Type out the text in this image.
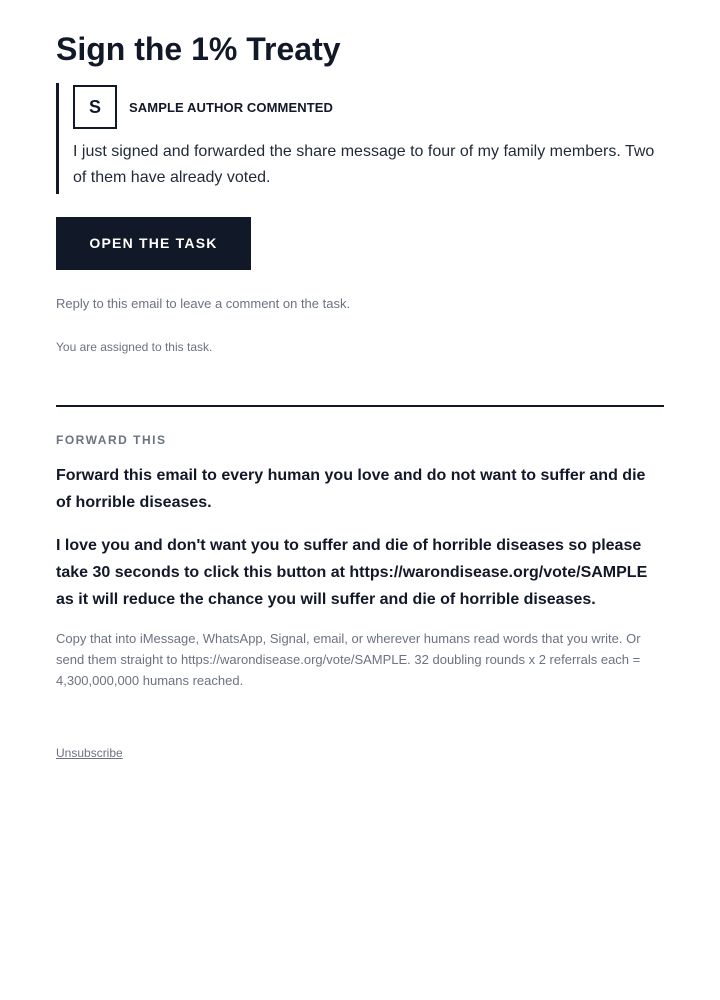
Sign the 1% Treaty
S	SAMPLE AUTHOR COMMENTED
I just signed and forwarded the share message to four of my family members. Two of them have already voted.
OPEN THE TASK
Reply to this email to leave a comment on the task.
You are assigned to this task.
FORWARD THIS
Forward this email to every human you love and do not want to suffer and die of horrible diseases.
I love you and don't want you to suffer and die of horrible diseases so please take 30 seconds to click this button at https://warondisease.org/vote/SAMPLE as it will reduce the chance you will suffer and die of horrible diseases.
Copy that into iMessage, WhatsApp, Signal, email, or wherever humans read words that you write. Or send them straight to https://warondisease.org/vote/SAMPLE. 32 doubling rounds x 2 referrals each = 4,300,000,000 humans reached.
Unsubscribe
